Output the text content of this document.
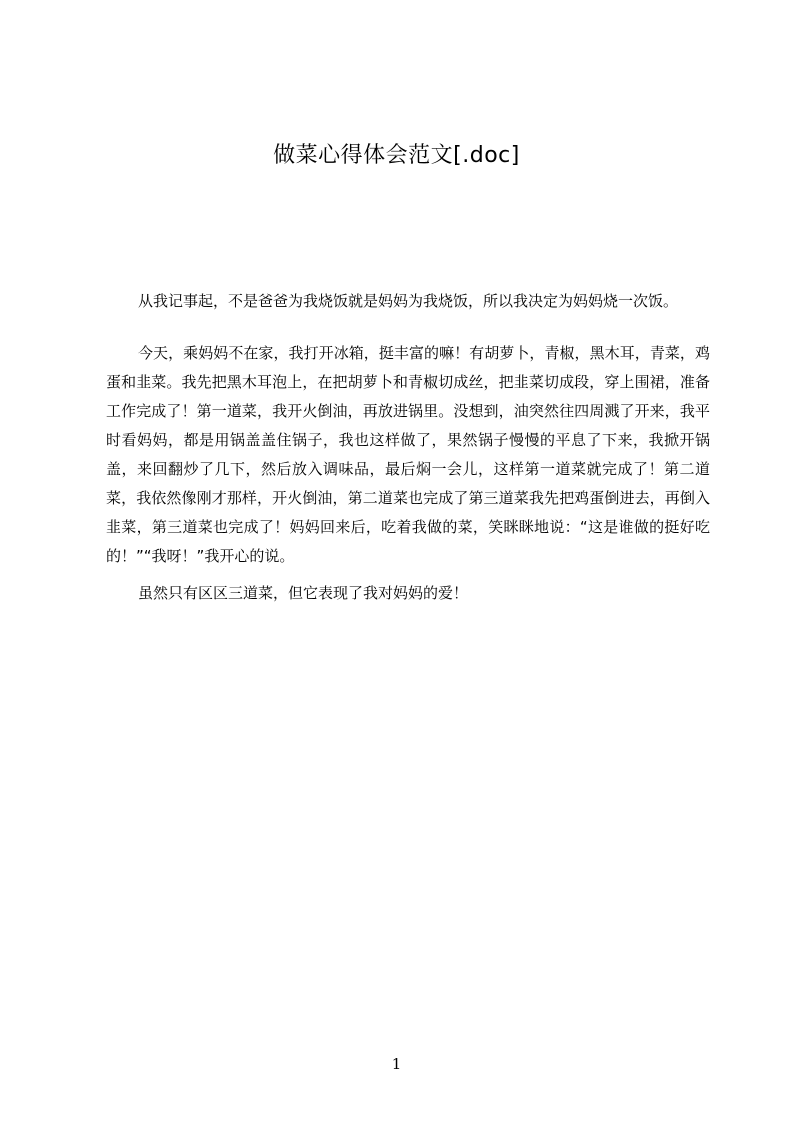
做菜心得体会范文[.doc]
从我记事起，不是爸爸为我烧饭就是妈妈为我烧饭，所以我决定为妈妈烧一次饭。
今天，乘妈妈不在家，我打开冰箱，挺丰富的嘛！有胡萝卜，青椒，黑木耳，青菜，鸡蛋和韭菜。我先把黑木耳泡上，在把胡萝卜和青椒切成丝，把韭菜切成段，穿上围裙，准备工作完成了！第一道菜，我开火倒油，再放进锅里。没想到，油突然往四周溅了开来，我平时看妈妈，都是用锅盖盖住锅子，我也这样做了，果然锅子慢慢的平息了下来，我掀开锅盖，来回翻炒了几下，然后放入调味品，最后焖一会儿，这样第一道菜就完成了！第二道菜，我依然像刚才那样，开火倒油，第二道菜也完成了第三道菜我先把鸡蛋倒进去，再倒入韭菜，第三道菜也完成了！妈妈回来后，吃着我做的菜，笑眯眯地说：“这是谁做的挺好吃的！”“我呀！”我开心的说。
虽然只有区区三道菜，但它表现了我对妈妈的爱！
1
